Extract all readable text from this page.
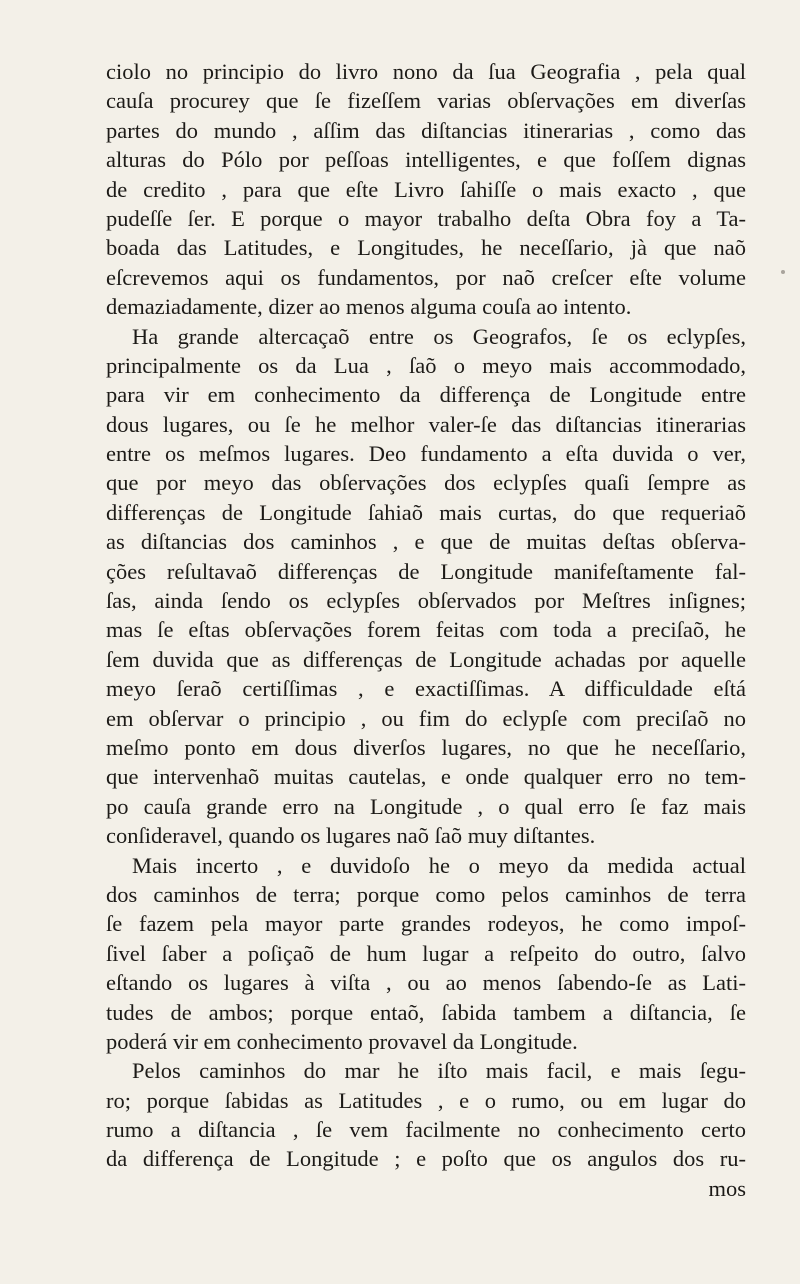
ciolo no principio do livro nono da ſua Geografia , pela qual
cauſa procurey que ſe fizeſſem varias obſervações em diverſas
partes do mundo , aſſim das diſtancias itinerarias , como das
alturas do Pólo por peſſoas intelligentes, e que foſſem dignas
de credito , para que eſte Livro ſahiſſe o mais exacto , que
pudeſſe ſer. E porque o mayor trabalho deſta Obra foy a Ta-
boada das Latitudes, e Longitudes, he neceſſario, jà que naõ
eſcrevemos aqui os fundamentos, por naõ creſcer eſte volume
demaziadamente, dizer ao menos alguma couſa ao intento.
Ha grande altercaçaõ entre os Geografos, ſe os eclypſes,
principalmente os da Lua , ſaõ o meyo mais accommodado,
para vir em conhecimento da differença de Longitude entre
dous lugares, ou ſe he melhor valer-ſe das diſtancias itinerarias
entre os meſmos lugares. Deo fundamento a eſta duvida o ver,
que por meyo das obſervações dos eclypſes quaſi ſempre as
differenças de Longitude ſahiaõ mais curtas, do que requeriaõ
as diſtancias dos caminhos , e que de muitas deſtas obſerva-
ções reſultavaõ differenças de Longitude manifeſtamente fal-
ſas, ainda ſendo os eclypſes obſervados por Meſtres inſignes;
mas ſe eſtas obſervações forem feitas com toda a preciſaõ, he
ſem duvida que as differenças de Longitude achadas por aquelle
meyo ſeraõ certiſſimas , e exactiſſimas. A difficuldade eſtá
em obſervar o principio , ou fim do eclypſe com preciſaõ no
meſmo ponto em dous diverſos lugares, no que he neceſſario,
que intervenhaõ muitas cautelas, e onde qualquer erro no tem-
po cauſa grande erro na Longitude , o qual erro ſe faz mais
conſideravel, quando os lugares naõ ſaõ muy diſtantes.
Mais incerto , e duvidoſo he o meyo da medida actual
dos caminhos de terra; porque como pelos caminhos de terra
ſe fazem pela mayor parte grandes rodeyos, he como impoſ-
ſivel ſaber a poſiçaõ de hum lugar a reſpeito do outro, ſalvo
eſtando os lugares à viſta , ou ao menos ſabendo-ſe as Lati-
tudes de ambos; porque entaõ, ſabida tambem a diſtancia, ſe
poderá vir em conhecimento provavel da Longitude.
Pelos caminhos do mar he iſto mais facil, e mais ſegu-
ro; porque ſabidas as Latitudes , e o rumo, ou em lugar do
rumo a diſtancia , ſe vem facilmente no conhecimento certo
da differença de Longitude ; e poſto que os angulos dos ru-
mos
